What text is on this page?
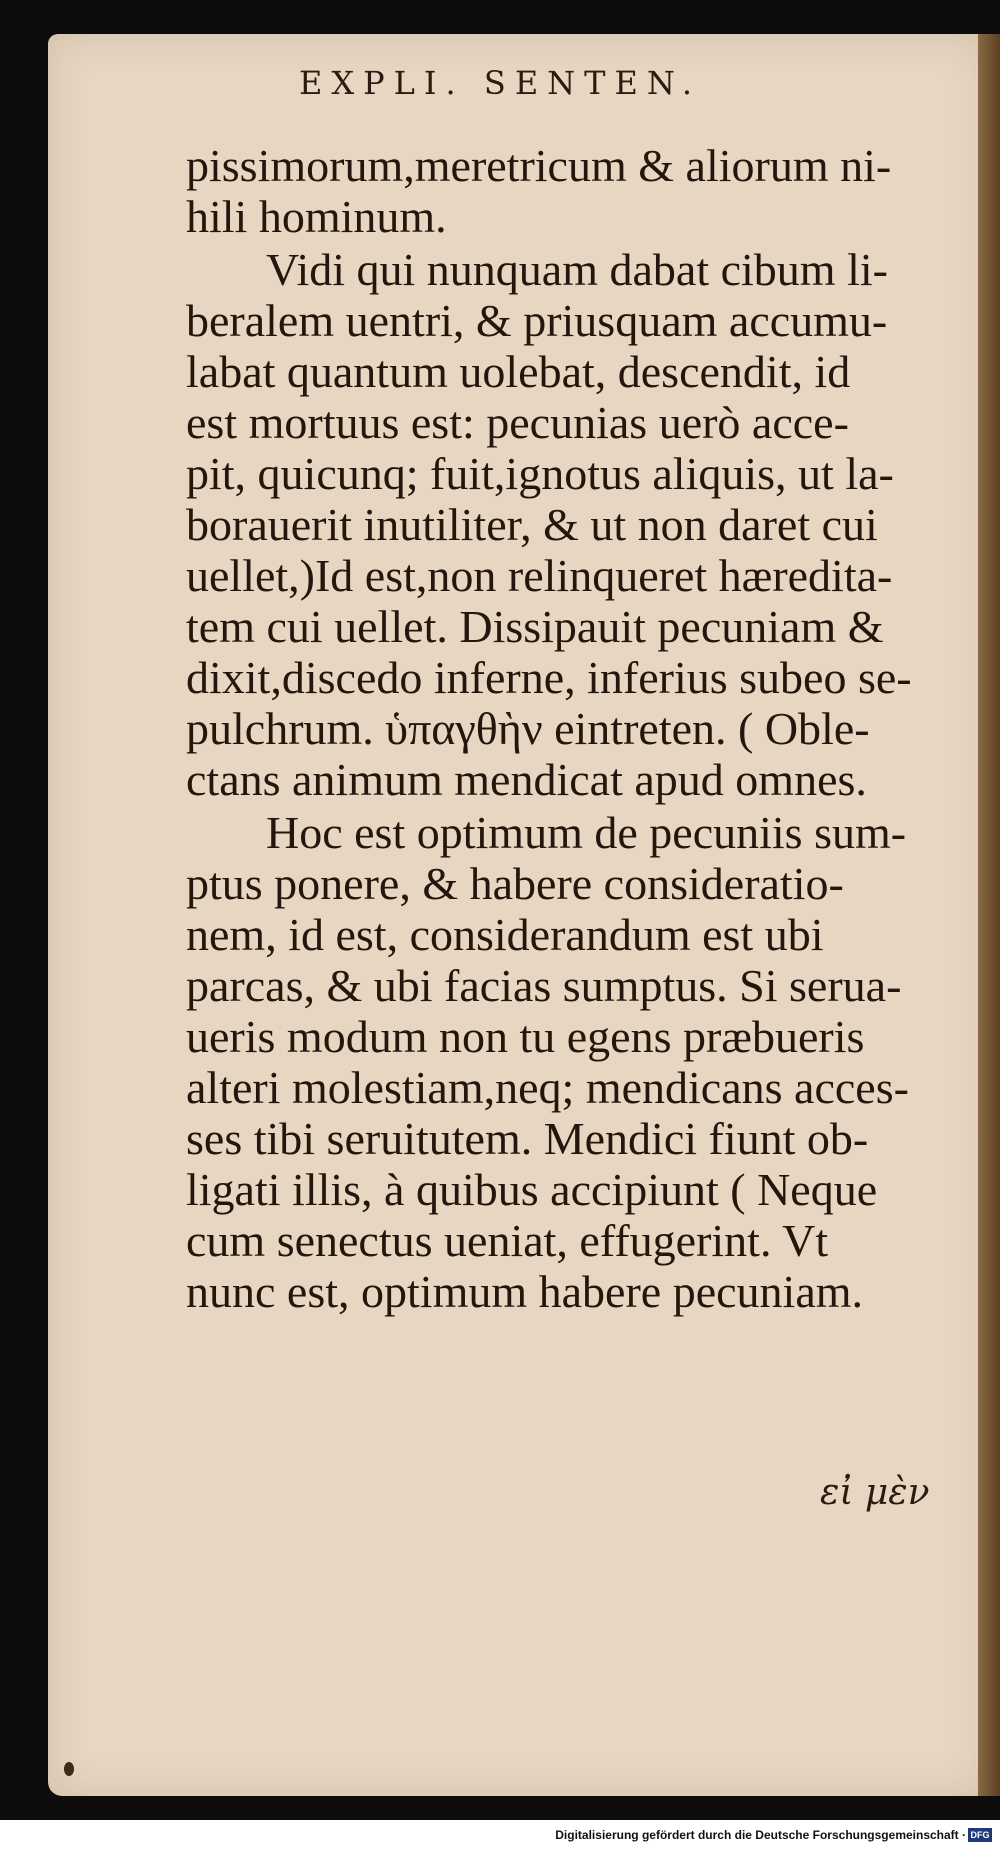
EXPLI. SENTEN.
pissimorum,meretricum & aliorum ni-
hili hominum.
Vidi qui nunquam dabat cibum li-
beralem uentri, & priusquam accumu-
labat quantum uolebat, descendit, id
est mortuus est: pecunias uerò acce-
pit, quicunq; fuit,ignotus aliquis, ut la-
borauerit inutiliter, & ut non daret cui
uellet,)Id est,non relinqueret hæredita-
tem cui uellet. Dissipauit pecuniam &
dixit,discedo inferne, inferius subeo se-
pulchrum. ὑπαγθὴν eintreten. ( Oble-
ctans animum mendicat apud omnes.
Hoc est optimum de pecuniis sum-
ptus ponere, & habere consideratio-
nem, id est, considerandum est ubi
parcas, & ubi facias sumptus. Si serua-
ueris modum non tu egens præbueris
alteri molestiam,neq; mendicans acces-
ses tibi seruitutem. Mendici fiunt ob-
ligati illis, à quibus accipiunt ( Neque
cum senectus ueniat, effugerint. Vt
nunc est, optimum habere pecuniam.
εἰ μὲν
Digitalisierung gefördert durch die Deutsche Forschungsgemeinschaft · DFG
